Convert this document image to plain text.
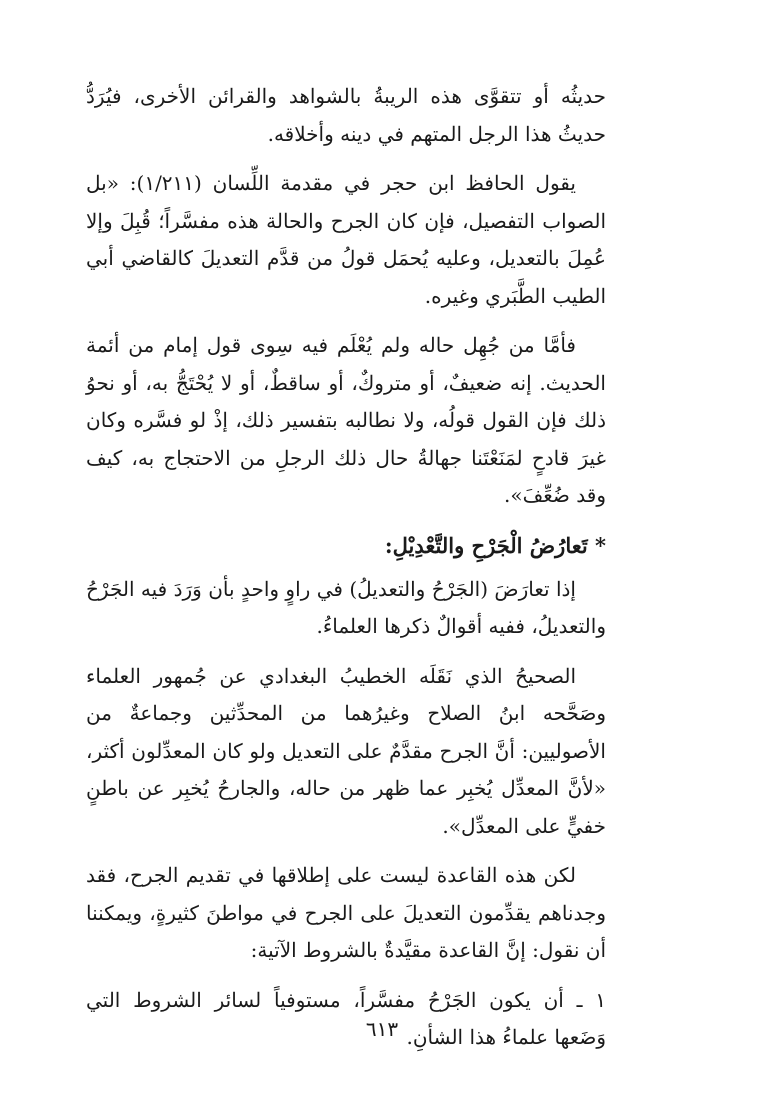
حديثُه أو تتقوَّى هذه الريبةُ بالشواهد والقرائن الأخرى، فيُرَدُّ حديثُ هذا الرجل المتهم في دينه وأخلاقه.

يقول الحافظ ابن حجر في مقدمة اللِّسان (١/٢١١): «بل الصواب التفصيل، فإن كان الجرح والحالة هذه مفسَّراً؛ قُبِلَ وإلا عُمِلَ بالتعديل، وعليه يُحمَل قولُ من قدَّم التعديلَ كالقاضي أبي الطيب الطَّبَري وغيره.

فأمَّا من جُهِل حاله ولم يُعْلَم فيه سِوى قول إمام من أئمة الحديث. إنه ضعيفٌ، أو متروكٌ، أو ساقطٌ، أو لا يُحْتَجُّ به، أو نحوُ ذلك فإن القول قولُه، ولا نطالبه بتفسير ذلك، إذْ لو فسَّره وكان غيرَ قادحٍ لمَنَعْتَنا جهالةُ حال ذلك الرجلِ من الاحتجاج به، كيف وقد ضُعِّفَ».

* تَعارُضُ الْجَرْحِ والتَّعْدِيْلِ:

إذا تعارَضَ (الجَرْحُ والتعديلُ) في راوٍ واحدٍ بأن وَرَدَ فيه الجَرْحُ والتعديلُ، ففيه أقوالٌ ذكرها العلماءُ.

الصحيحُ الذي نَقَلَه الخطيبُ البغدادي عن جُمهور العلماء وصَحَّحه ابنُ الصلاح وغيرُهما من المحدِّثين وجماعةٌ من الأصوليين: أنَّ الجرح مقدَّمٌ على التعديل ولو كان المعدِّلون أكثر، «لأنَّ المعدِّل يُخبِر عما ظهر من حاله، والجارحُ يُخبِر عن باطنٍ خفيٍّ على المعدِّل».

لكن هذه القاعدة ليست على إطلاقها في تقديم الجرح، فقد وجدناهم يقدِّمون التعديلَ على الجرح في مواطنَ كثيرةٍ، ويمكننا أن نقول: إنَّ القاعدة مقيَّدةٌ بالشروط الآتية:

١ ـ أن يكون الجَرْحُ مفسَّراً، مستوفياً لسائر الشروط التي وَضَعها علماءُ هذا الشأنِ.

٦١٣
